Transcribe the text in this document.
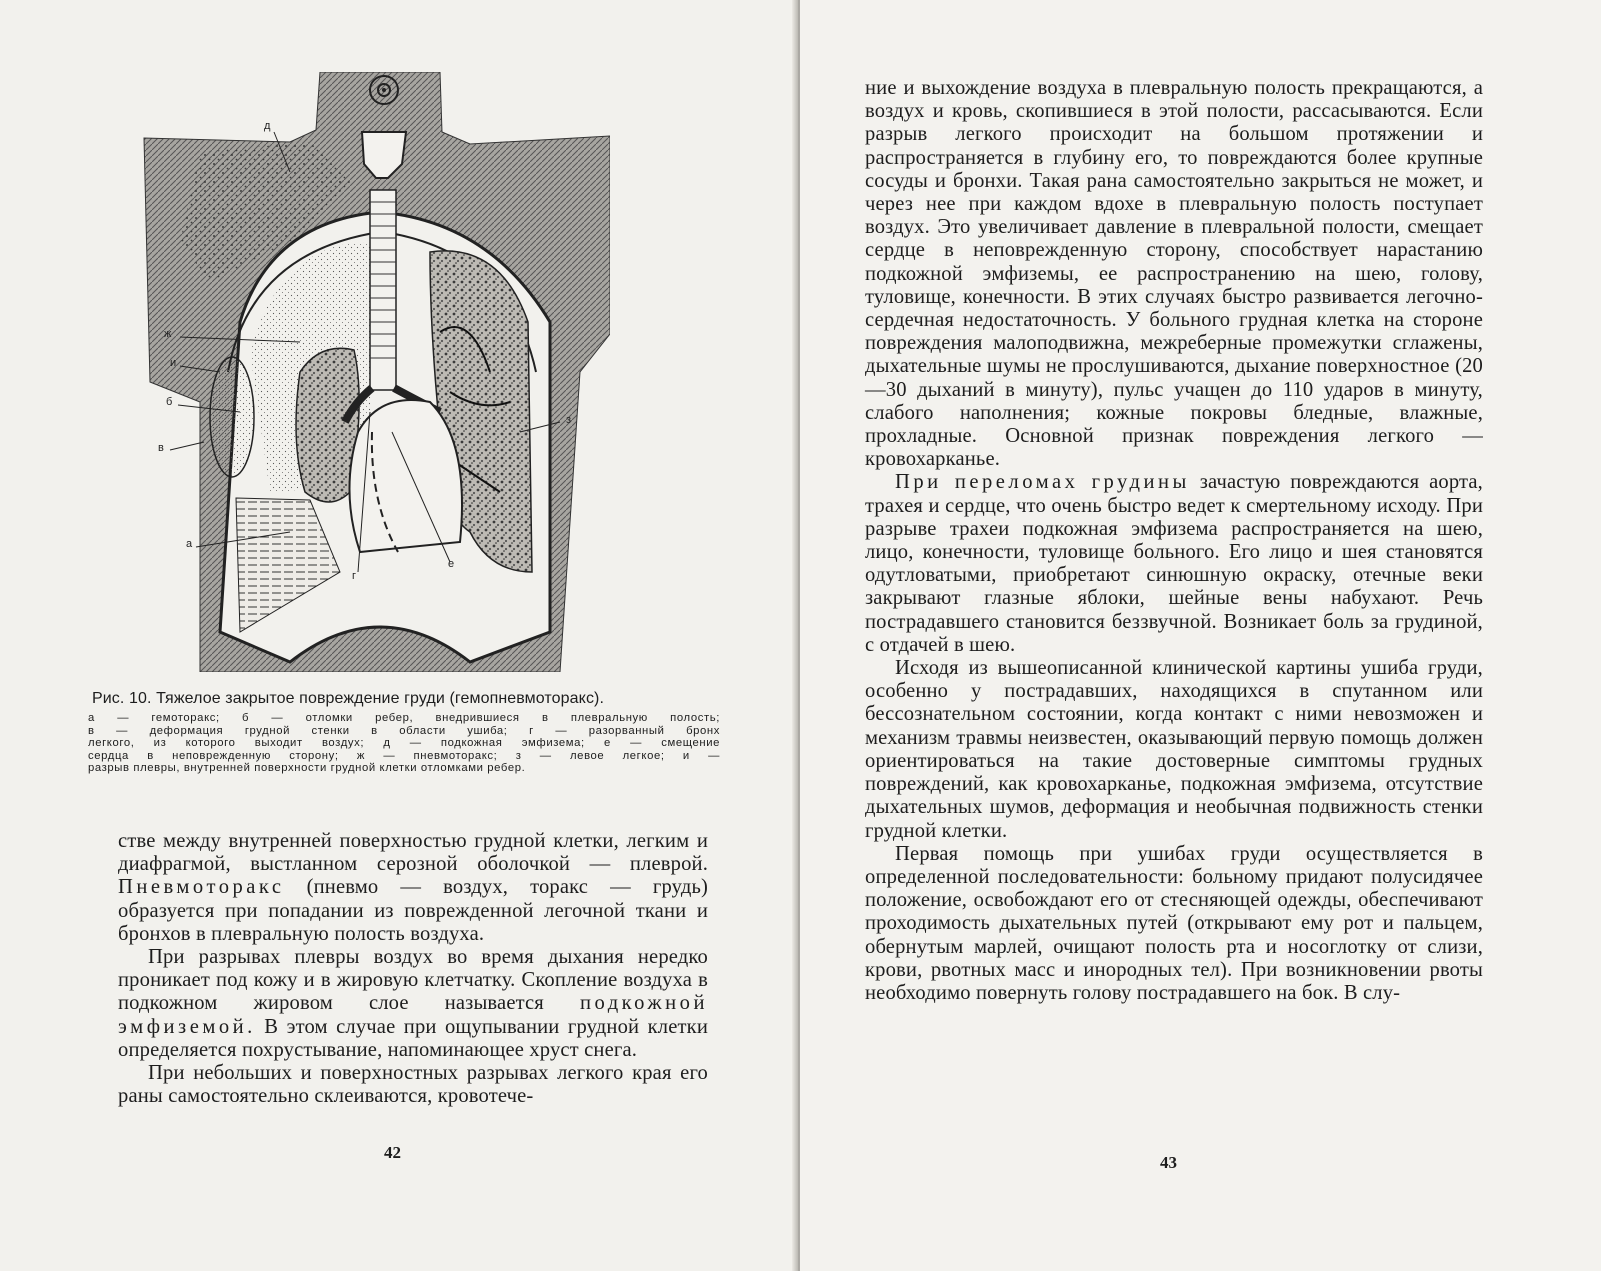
д
ж
и
б
в
а
г
е
з
Рис. 10. Тяжелое закрытое повреждение груди (гемопневмоторакс).

а — гемоторакс; б — отломки ребер, внедрившиеся в плевральную полость;

в — деформация грудной стенки в области ушиба; г — разорванный бронх

легкого, из которого выходит воздух; д — подкожная эмфизема; е — смещение

сердца в неповрежденную сторону; ж — пневмоторакс; з — левое легкое; и —

разрыв плевры, внутренней поверхности грудной клетки отломками ребер.

стве между внутренней поверхностью грудной клетки, легким и диафрагмой, выстланном серозной оболочкой — плеврой. Пневмоторакс (пневмо — воздух, торакс — грудь) образуется при попадании из поврежденной легочной ткани и бронхов в плевральную полость воздуха.

При разрывах плевры воздух во время дыхания нередко проникает под кожу и в жировую клетчатку. Скопление воздуха в подкожном жировом слое называется подкожной эмфиземой. В этом случае при ощупывании грудной клетки определяется похрустывание, напоминающее хруст снега.

При небольших и поверхностных разрывах легкого края его раны самостоятельно склеиваются, кровотече-

42

ние и выхождение воздуха в плевральную полость прекращаются, а воздух и кровь, скопившиеся в этой полости, рассасываются. Если разрыв легкого происходит на большом протяжении и распространяется в глубину его, то повреждаются более крупные сосуды и бронхи. Такая рана самостоятельно закрыться не может, и через нее при каждом вдохе в плевральную полость поступает воздух. Это увеличивает давление в плевральной полости, смещает сердце в неповрежденную сторону, способствует нарастанию подкожной эмфиземы, ее распространению на шею, голову, туловище, конечности. В этих случаях быстро развивается легочно-сердечная недостаточность. У больного грудная клетка на стороне повреждения малоподвижна, межреберные промежутки сглажены, дыхательные шумы не прослушиваются, дыхание поверхностное (20—30 дыханий в минуту), пульс учащен до 110 ударов в минуту, слабого наполнения; кожные покровы бледные, влажные, прохладные. Основной признак повреждения легкого — кровохарканье.

При переломах грудины зачастую повреждаются аорта, трахея и сердце, что очень быстро ведет к смертельному исходу. При разрыве трахеи подкожная эмфизема распространяется на шею, лицо, конечности, туловище больного. Его лицо и шея становятся одутловатыми, приобретают синюшную окраску, отечные веки закрывают глазные яблоки, шейные вены набухают. Речь пострадавшего становится беззвучной. Возникает боль за грудиной, с отдачей в шею.

Исходя из вышеописанной клинической картины ушиба груди, особенно у пострадавших, находящихся в спутанном или бессознательном состоянии, когда контакт с ними невозможен и механизм травмы неизвестен, оказывающий первую помощь должен ориентироваться на такие достоверные симптомы грудных повреждений, как кровохарканье, подкожная эмфизема, отсутствие дыхательных шумов, деформация и необычная подвижность стенки грудной клетки.

Первая помощь при ушибах груди осуществляется в определенной последовательности: больному придают полусидячее положение, освобождают его от стесняющей одежды, обеспечивают проходимость дыхательных путей (открывают ему рот и пальцем, обернутым марлей, очищают полость рта и носоглотку от слизи, крови, рвотных масс и инородных тел). При возникновении рвоты необходимо повернуть голову пострадавшего на бок. В слу-

43
